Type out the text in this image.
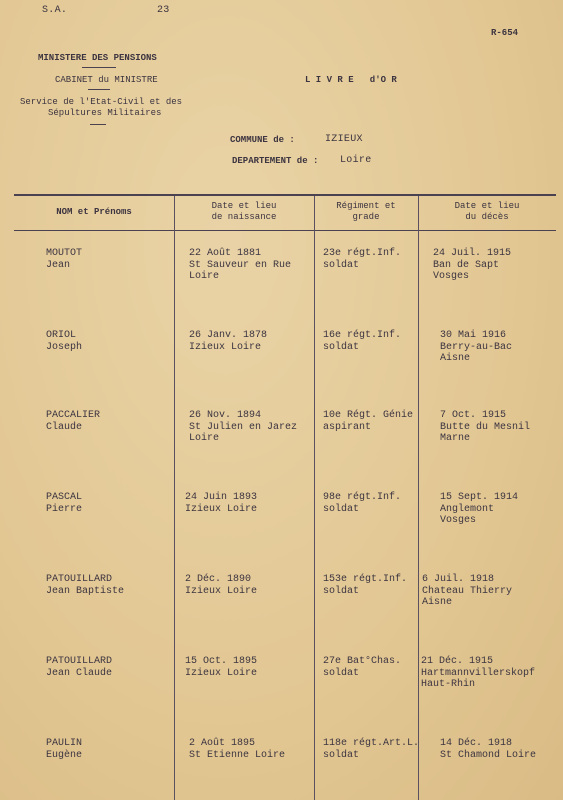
S.A.	23
R-654
MINISTERE DES PENSIONS
CABINET du MINISTRE
Service de l'Etat-Civil et des
Sépultures Militaires
L I V R E   d'O R
COMMUNE de :	IZIEUX
DEPARTEMENT de : Loire
NOM et Prénoms
Date et lieu
de naissance
Régiment et
grade
Date et lieu
du décès
MOUTOT
Jean
22 Août 1881
St Sauveur en Rue
Loire
23e régt.Inf.
soldat
24 Juil. 1915
Ban de Sapt
Vosges
ORIOL
Joseph
26 Janv. 1878
Izieux Loire
16e régt.Inf.
soldat
30 Mai 1916
Berry-au-Bac
Aisne
PACCALIER
Claude
26 Nov. 1894
St Julien en Jarez
Loire
10e Régt. Génie
aspirant
7 Oct. 1915
Butte du Mesnil
Marne
PASCAL
Pierre
24 Juin 1893
Izieux Loire
98e régt.Inf.
soldat
15 Sept. 1914
Anglemont
Vosges
PATOUILLARD
Jean Baptiste
2 Déc. 1890
Izieux Loire
153e régt.Inf.
soldat
6 Juil. 1918
Chateau Thierry
Aisne
PATOUILLARD
Jean Claude
15 Oct. 1895
Izieux Loire
27e Bat°Chas.
soldat
21 Déc. 1915
Hartmannvillerskopf
Haut-Rhin
PAULIN
Eugène
2 Août 1895
St Etienne Loire
118e régt.Art.L.
soldat
14 Déc. 1918
St Chamond Loire
